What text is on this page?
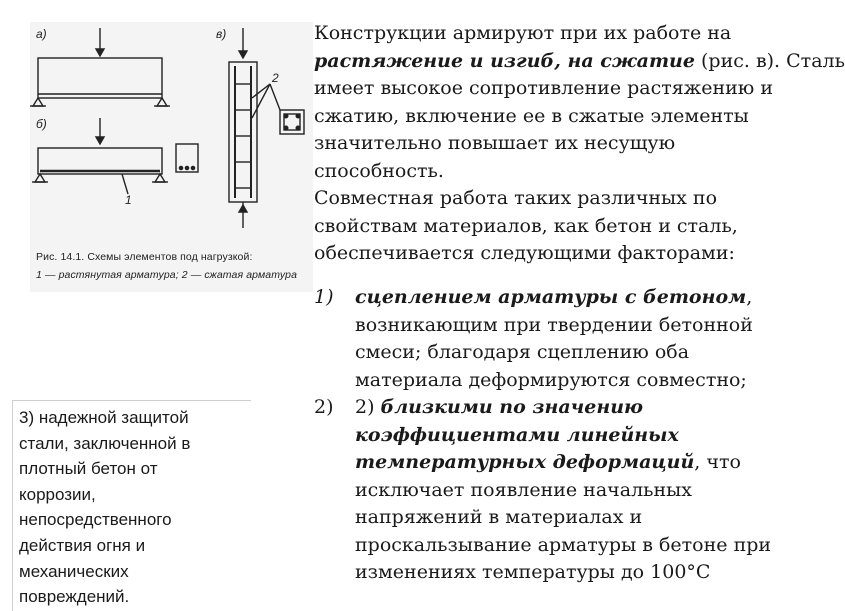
а)
б)
в)
1
2
Рис. 14.1. Схемы элементов под нагрузкой:
1 — растянутая арматура; 2 — сжатая арматура
Конструкции армируют при их работе на
растяжение и изгиб, на сжатие (рис. в). Сталь
имеет высокое сопротивление растяжению и
сжатию, включение ее в сжатые элементы
значительно повышает их несущую
способность.
Совместная работа таких различных по
свойствам материалов, как бетон и сталь,
обеспечивается следующими факторами:
1) сцеплением арматуры с бетоном,
возникающим при твердении бетонной
смеси; благодаря сцеплению оба
материала деформируются совместно;
2) 2) близкими по значению
коэффициентами линейных
температурных деформаций, что
исключает появление начальных
напряжений в материалах и
проскальзывание арматуры в бетоне при
изменениях температуры до 100°С
3) надежной защитой
стали, заключенной в
плотный бетон от
коррозии,
непосредственного
действия огня и
механических
повреждений.
